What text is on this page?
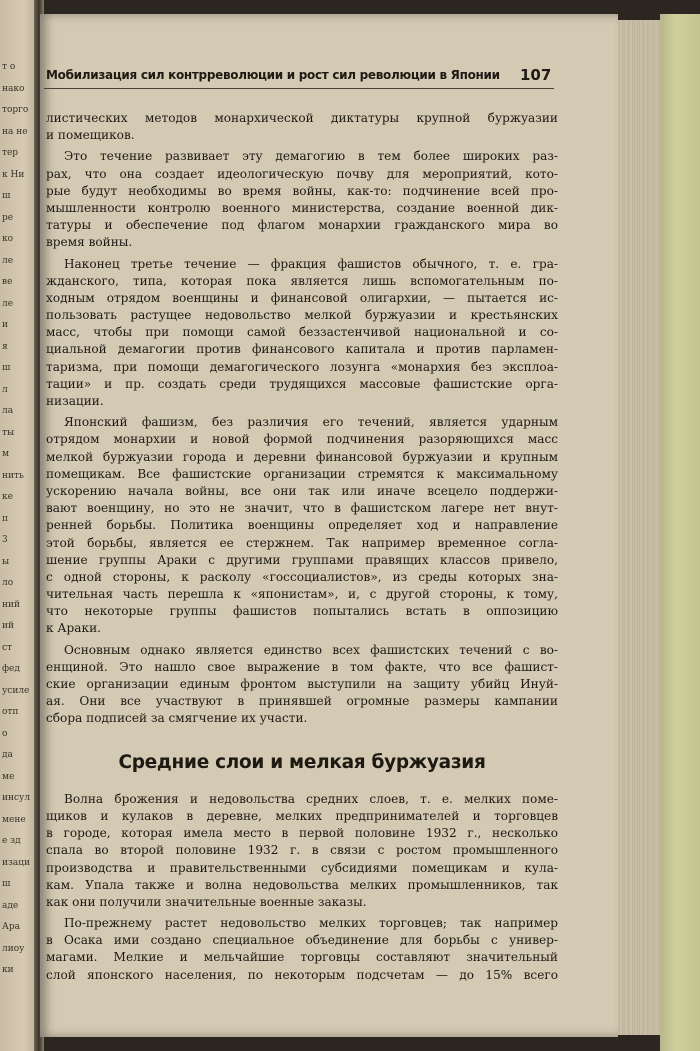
т о
нако
торго
на не
тер
к Ни
ш
ре
ко
ле
ве
ле
и
я
ш
л
ла
ты
м
нить
ке
п
3
ы
ло
ний
ий
ст
фед
усиле
отп
о
да
ме
инсул
мене
е зд
изаци
ш
аде
Ара
лиоу
ки
Мобилизация сил контрреволюции и рост сил революции в Японии 107
листических методов монархической диктатуры крупной буржуазии
и помещиков.
Это течение развивает эту демагогию в тем более широких раз-
рах, что она создает идеологическую почву для мероприятий, кото-
рые будут необходимы во время войны, как-то: подчинение всей про-
мышленности контролю военного министерства, создание военной дик-
татуры и обеспечение под флагом монархии гражданского мира во
время войны.
Наконец третье течение — фракция фашистов обычного, т. е. гра-
жданского, типа, которая пока является лишь вспомогательным по-
ходным отрядом военщины и финансовой олигархии, — пытается ис-
пользовать растущее недовольство мелкой буржуазии и крестьянских
масс, чтобы при помощи самой беззастенчивой национальной и со-
циальной демагогии против финансового капитала и против парламен-
таризма, при помощи демагогического лозунга «монархия без эксплоа-
тации» и пр. создать среди трудящихся массовые фашистские орга-
низации.
Японский фашизм, без различия его течений, является ударным
отрядом монархии и новой формой подчинения разоряющихся масс
мелкой буржуазии города и деревни финансовой буржуазии и крупным
помещикам. Все фашистские организации стремятся к максимальному
ускорению начала войны, все они так или иначе всецело поддержи-
вают военщину, но это не значит, что в фашистском лагере нет внут-
ренней борьбы. Политика военщины определяет ход и направление
этой борьбы, является ее стержнем. Так например временное согла-
шение группы Араки с другими группами правящих классов привело,
с одной стороны, к расколу «госсоциалистов», из среды которых зна-
чительная часть перешла к «японистам», и, с другой стороны, к тому,
что некоторые группы фашистов попытались встать в оппозицию
к Араки.
Основным однако является единство всех фашистских течений с во-
енщиной. Это нашло свое выражение в том факте, что все фашист-
ские организации единым фронтом выступили на защиту убийц Инуй-
ая. Они все участвуют в принявшей огромные размеры кампании
сбора подписей за смягчение их участи.
Средние слои и мелкая буржуазия
Волна брожения и недовольства средних слоев, т. е. мелких поме-
щиков и кулаков в деревне, мелких предпринимателей и торговцев
в городе, которая имела место в первой половине 1932 г., несколько
спала во второй половине 1932 г. в связи с ростом промышленного
производства и правительственными субсидиями помещикам и кула-
кам. Упала также и волна недовольства мелких промышленников, так
как они получили значительные военные заказы.
По-прежнему растет недовольство мелких торговцев; так например
в Осака ими создано специальное объединение для борьбы с универ-
магами. Мелкие и мельчайшие торговцы составляют значительный
слой японского населения, по некоторым подсчетам — до 15% всего
